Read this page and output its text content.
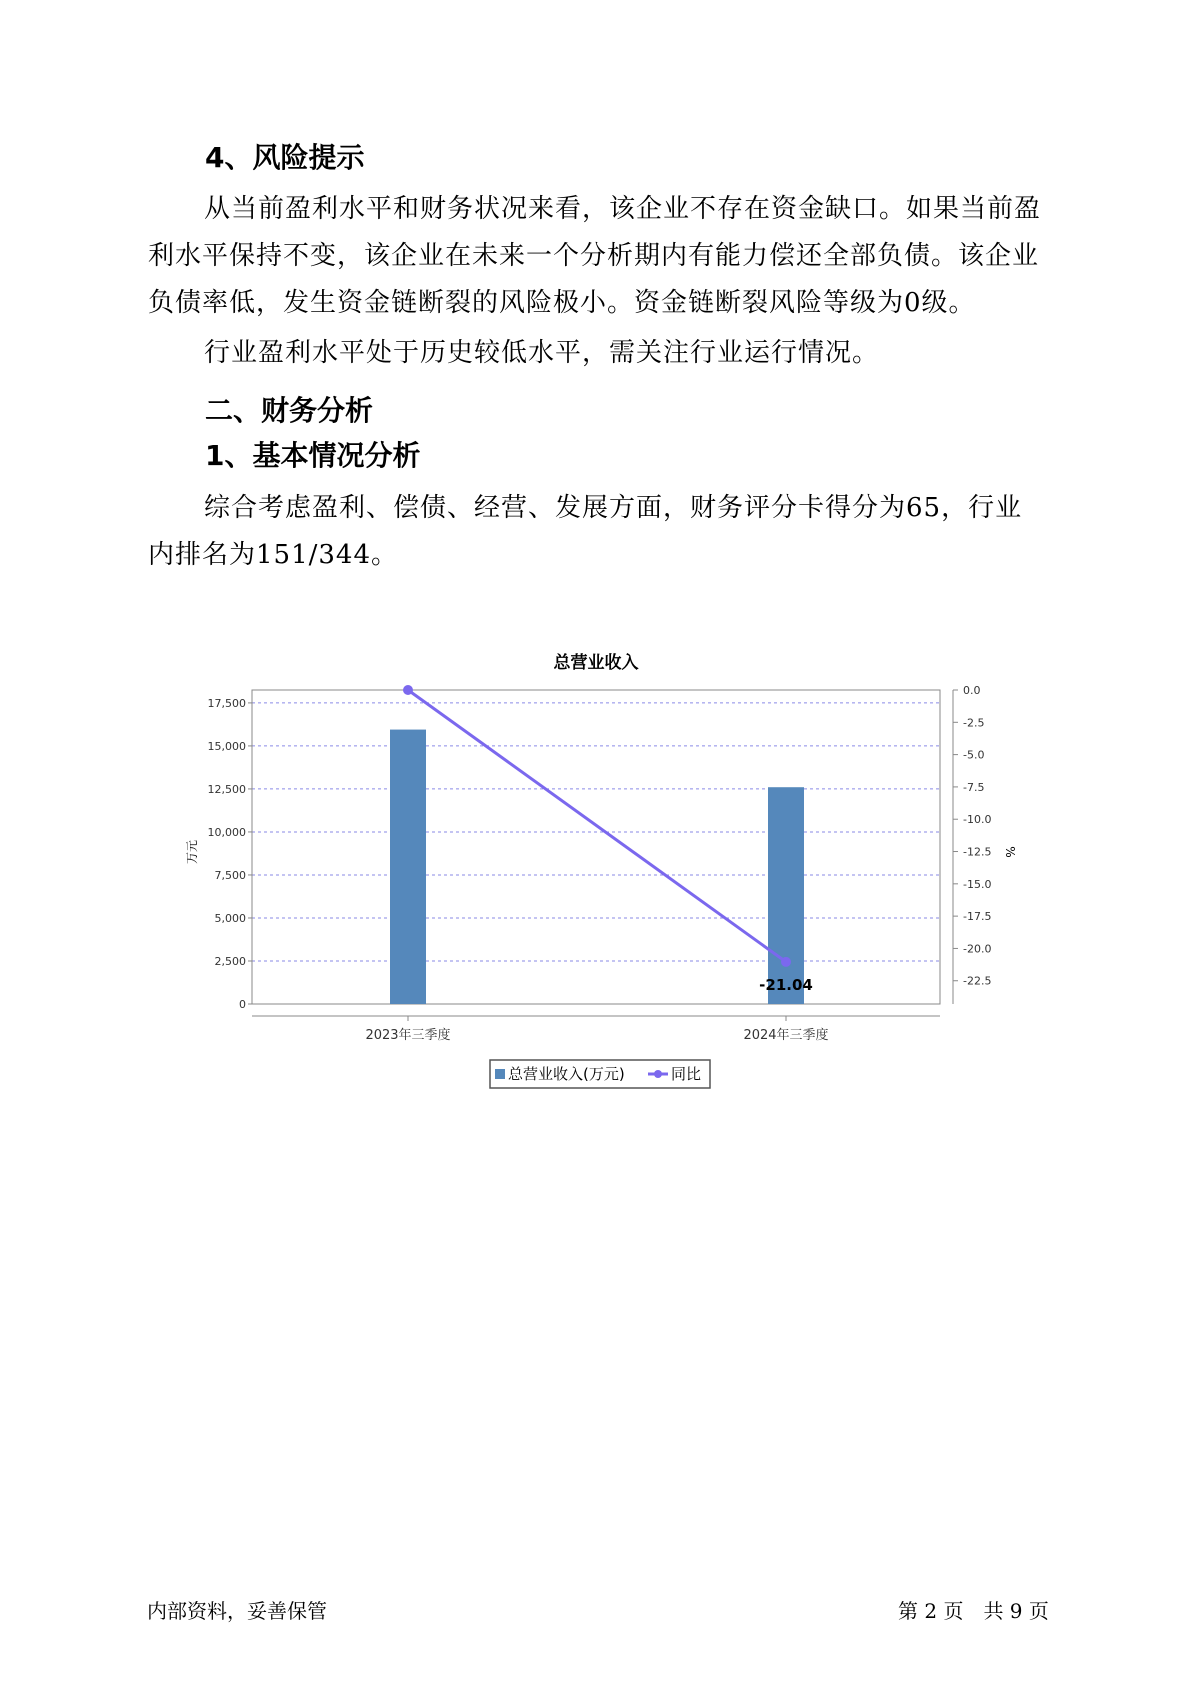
4、风险提示

从当前盈利水平和财务状况来看，该企业不存在资金缺口。如果当前盈利水平保持不变，该企业在未来一个分析期内有能力偿还全部负债。该企业负债率低，发生资金链断裂的风险极小。资金链断裂风险等级为0级。

行业盈利水平处于历史较低水平，需关注行业运行情况。

二、财务分析
1、基本情况分析

综合考虑盈利、偿债、经营、发展方面，财务评分卡得分为65，行业内排名为151/344。

总营业收入
0
2,500
5,000
7,500
10,000
12,500
15,000
17,500
0.0
-2.5
-5.0
-7.5
-10.0
-12.5
-15.0
-17.5
-20.0
-22.5
-21.04
2023年三季度	2024年三季度
万元	%
总营业收入(万元)	同比
内部资料，妥善保管	第 2 页　共 9 页
